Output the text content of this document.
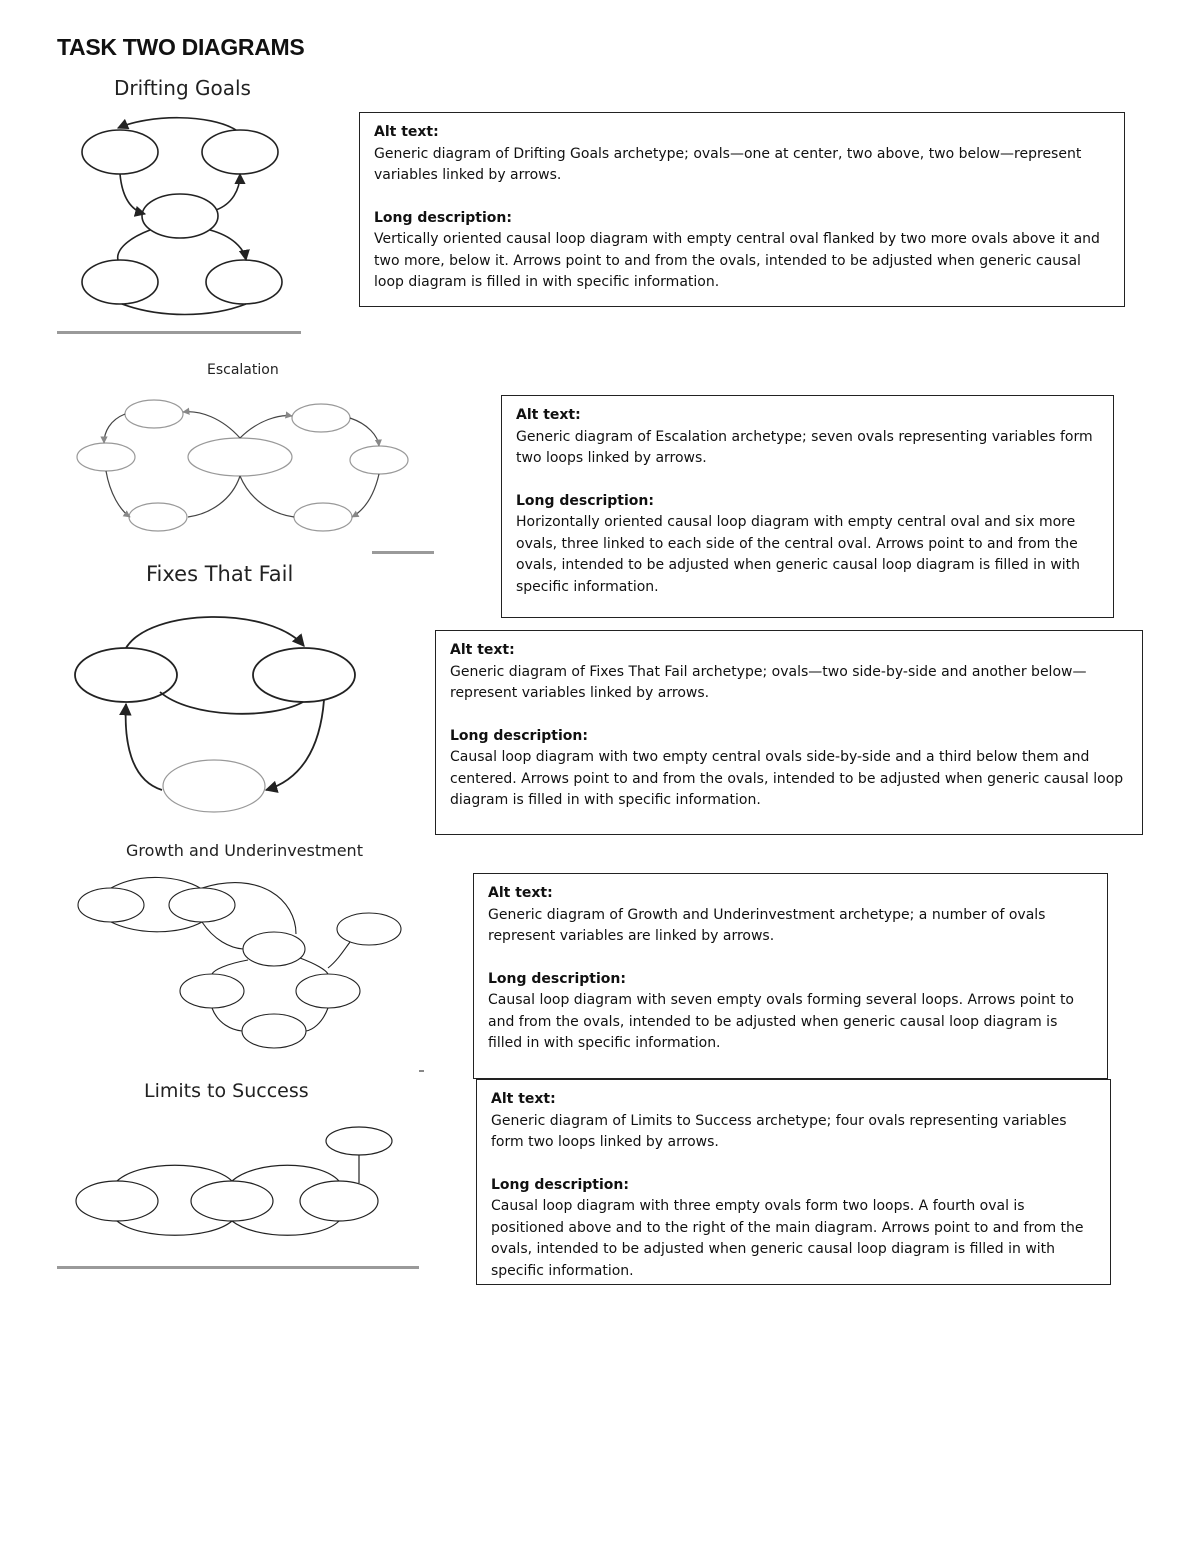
TASK TWO DIAGRAMS
Drifting Goals

Alt text:

Generic diagram of Drifting Goals archetype; ovals—one at center, two above, two below—represent variables linked by arrows.

Long description:

Vertically oriented causal loop diagram with empty central oval flanked by two more ovals above it and two more, below it. Arrows point to and from the ovals, intended to be adjusted when generic causal loop diagram is filled in with specific information.

Escalation

Alt text:

Generic diagram of Escalation archetype; seven ovals representing variables form two loops linked by arrows.

Long description:

Horizontally oriented causal loop diagram with empty central oval and six more ovals, three linked to each side of the central oval. Arrows point to and from the ovals, intended to be adjusted when generic causal loop diagram is filled in with specific information.

Fixes That Fail

Alt text:

Generic diagram of Fixes That Fail archetype; ovals—two side-by-side and another below—represent variables linked by arrows.

Long description:

Causal loop diagram with two empty central ovals side-by-side and a third below them and centered. Arrows point to and from the ovals, intended to be adjusted when generic causal loop diagram is filled in with specific information.

Growth and Underinvestment

Alt text:

Generic diagram of Growth and Underinvestment archetype; a number of ovals represent variables are linked by arrows.

Long description:

Causal loop diagram with seven empty ovals forming several loops. Arrows point to and from the ovals, intended to be adjusted when generic causal loop diagram is filled in with specific information.

Limits to Success	Alt text:

Generic diagram of Limits to Success archetype; four ovals representing variables form two loops linked by arrows.

Long description:

Causal loop diagram with three empty ovals form two loops. A fourth oval is positioned above and to the right of the main diagram. Arrows point to and from the ovals, intended to be adjusted when generic causal loop diagram is filled in with specific information.
